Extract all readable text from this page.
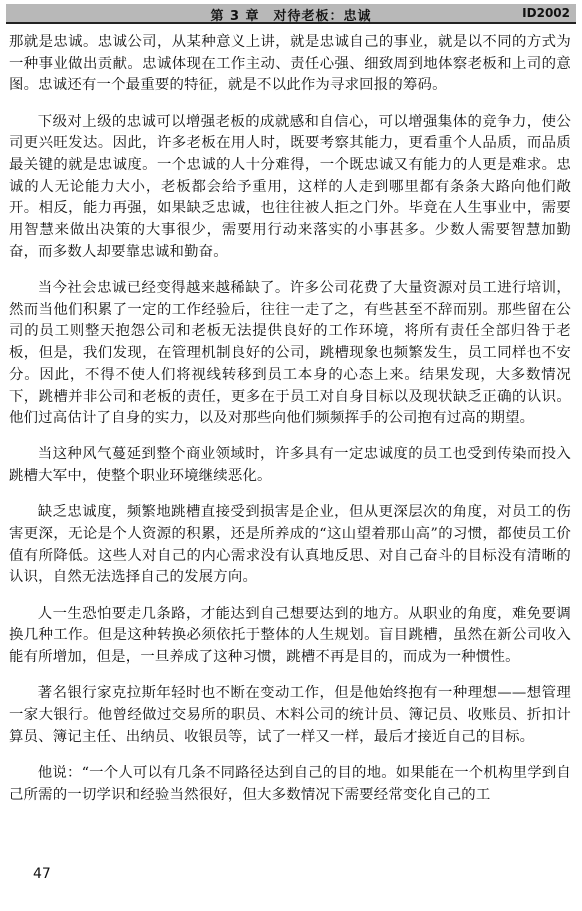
第 3 章　对待老板：忠诚	ID2002

那就是忠诚。忠诚公司，从某种意义上讲，就是忠诚自己的事业，就是以不同的方式为一种事业做出贡献。忠诚体现在工作主动、责任心强、细致周到地体察老板和上司的意图。忠诚还有一个最重要的特征，就是不以此作为寻求回报的筹码。

下级对上级的忠诚可以增强老板的成就感和自信心，可以增强集体的竞争力，使公司更兴旺发达。因此，许多老板在用人时，既要考察其能力，更看重个人品质，而品质最关键的就是忠诚度。一个忠诚的人十分难得，一个既忠诚又有能力的人更是难求。忠诚的人无论能力大小，老板都会给予重用，这样的人走到哪里都有条条大路向他们敞开。相反，能力再强，如果缺乏忠诚，也往往被人拒之门外。毕竟在人生事业中，需要用智慧来做出决策的大事很少，需要用行动来落实的小事甚多。少数人需要智慧加勤奋，而多数人却要靠忠诚和勤奋。

当今社会忠诚已经变得越来越稀缺了。许多公司花费了大量资源对员工进行培训，然而当他们积累了一定的工作经验后，往往一走了之，有些甚至不辞而别。那些留在公司的员工则整天抱怨公司和老板无法提供良好的工作环境，将所有责任全部归咎于老板，但是，我们发现，在管理机制良好的公司，跳槽现象也频繁发生，员工同样也不安分。因此，不得不使人们将视线转移到员工本身的心态上来。结果发现，大多数情况下，跳槽并非公司和老板的责任，更多在于员工对自身目标以及现状缺乏正确的认识。他们过高估计了自身的实力，以及对那些向他们频频挥手的公司抱有过高的期望。

当这种风气蔓延到整个商业领域时，许多具有一定忠诚度的员工也受到传染而投入跳槽大军中，使整个职业环境继续恶化。

缺乏忠诚度，频繁地跳槽直接受到损害是企业，但从更深层次的角度，对员工的伤害更深，无论是个人资源的积累，还是所养成的“这山望着那山高”的习惯，都使员工价值有所降低。这些人对自己的内心需求没有认真地反思、对自己奋斗的目标没有清晰的认识，自然无法选择自己的发展方向。

人一生恐怕要走几条路，才能达到自己想要达到的地方。从职业的角度，难免要调换几种工作。但是这种转换必须依托于整体的人生规划。盲目跳槽，虽然在新公司收入能有所增加，但是，一旦养成了这种习惯，跳槽不再是目的，而成为一种惯性。

著名银行家克拉斯年轻时也不断在变动工作，但是他始终抱有一种理想——想管理一家大银行。他曾经做过交易所的职员、木料公司的统计员、簿记员、收账员、折扣计算员、簿记主任、出纳员、收银员等，试了一样又一样，最后才接近自己的目标。

他说：“一个人可以有几条不同路径达到自己的目的地。如果能在一个机构里学到自己所需的一切学识和经验当然很好，但大多数情况下需要经常变化自己的工

47
